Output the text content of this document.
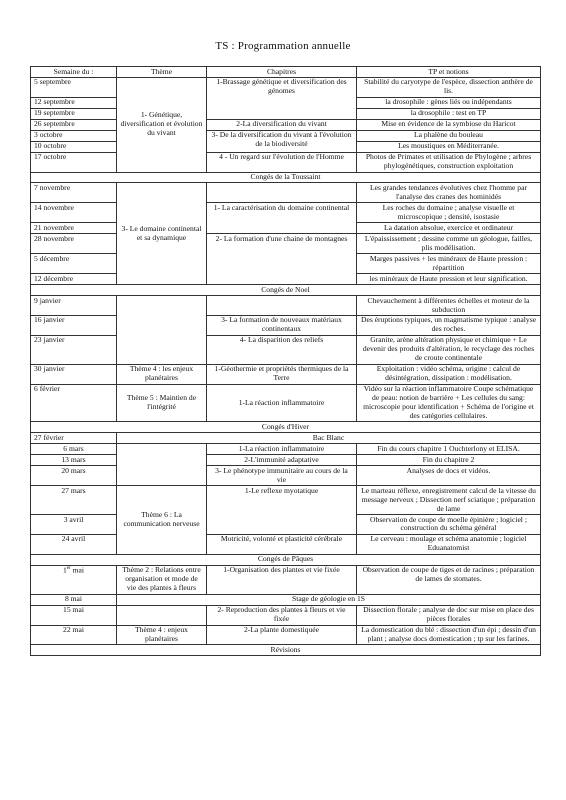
TS : Programmation annuelle
Semaine du :	Thème	Chapitres	TP et notions
5 septembre	1- Génétique, diversification et évolution du vivant	1-Brassage génétique et diversification des génomes	Stabilité du caryotype de l'espèce, dissection anthère de lis.
12 septembre			la drosophile : gènes liés ou indépendants
19 septembre			la drosophile : test en TP
26 septembre		2-La diversification du vivant	Mise en évidence de la symbiose du Haricot
3 octobre		3- De la diversification du vivant à l'évolution de la biodiversité	La phalène du bouleau
10 octobre			Les moustiques en Méditerranée.
17 octobre		4 - Un regard sur l'évolution de l'Homme	Photos de Primates et utilisation de Phylogène ; arbres phylogénétiques, construction exploitation
Congés de la Toussaint			
7 novembre	3- Le domaine continental et sa dynamique		Les grandes tendances évolutives chez l'homme par l'analyse des cranes des hominidés
14 novembre		1- La caractérisation du domaine continental	Les roches du domaine ; analyse visuelle et microscopique ; densité, isostasie
21 novembre			La datation absolue, exercice et ordinateur
28 novembre		2- La formation d'une chaine de montagnes	L'épaississement ; dessine comme un géologue, failles, plis modélisation.
5 décembre			Marges passives + les minéraux de Haute pression : répartition
12 décembre			les minéraux de Haute pression et leur signification.
Congés de Noel			
9 janvier			Chevauchement à différentes échelles et moteur de la subduction
16 janvier		3- La formation de nouveaux matériaux continentaux	Des éruptions typiques, un magmatisme typique : analyse des roches.
23 janvier		4- La disparition des reliefs	Granite, arène altération physique et chimique + Le devenir des produits d'altération, le recyclage des roches de croute continentale
30 janvier	Thème 4 : les enjeux planétaires	1-Géothermie et propriétés thermiques de la Terre	Exploitation : vidéo schéma, origine : calcul de désintégration, dissipation : modélisation.
6 février	Thème 5 : Maintien de l'intégrité	1-La réaction inflammatoire	Vidéo sur la réaction inflammatoire Coupe schématique de peau: notion de barrière + Les cellules du sang: microscopie pour identification + Schéma de l'origine et des catégories cellulaires.
Congés d'Hiver			
27 février	Bac Blanc		
6 mars		1-La réaction inflammatoire	Fin du cours chapitre 1 Ouchterlony et ELISA.
13 mars		2-L'immunité adaptative	Fin du chapitre 2
20 mars		3- Le phénotype immunitaire au cours de la vie	Analyses de docs et vidéos.
27 mars	Thème 6 : La communication nerveuse	1-Le reflexe myotatique	Le marteau réflexe, enregistrement calcul de la vitesse du message nerveux ; Dissection nerf sciatique ; préparation de lame
3 avril			Observation de coupe de moelle épinière ; logiciel ; construction du schéma général
24 avril		Motricité, volonté et plasticité cérébrale	Le cerveau : moulage et schéma anatomie ; logiciel Eduanatomist
Congés de Pâques			
1er mai	Thème 2 : Relations entre organisation et mode de vie des plantes à fleurs	1-Organisation des plantes et vie fixée	Observation de coupe de tiges et de racines ; préparation de lames de stomates.
8 mai	Stage de géologie en 1S		
15 mai		2- Reproduction des plantes à fleurs et vie fixée	Dissection florale ; analyse de doc sur mise en place des pièces florales
22 mai	Thème 4 : enjeux planétaires	2-La plante domestiquée	La domestication du blé : dissection d'un épi ; dessin d'un plant ; analyse docs domestication ; tp sur les farines.
Révisions			
